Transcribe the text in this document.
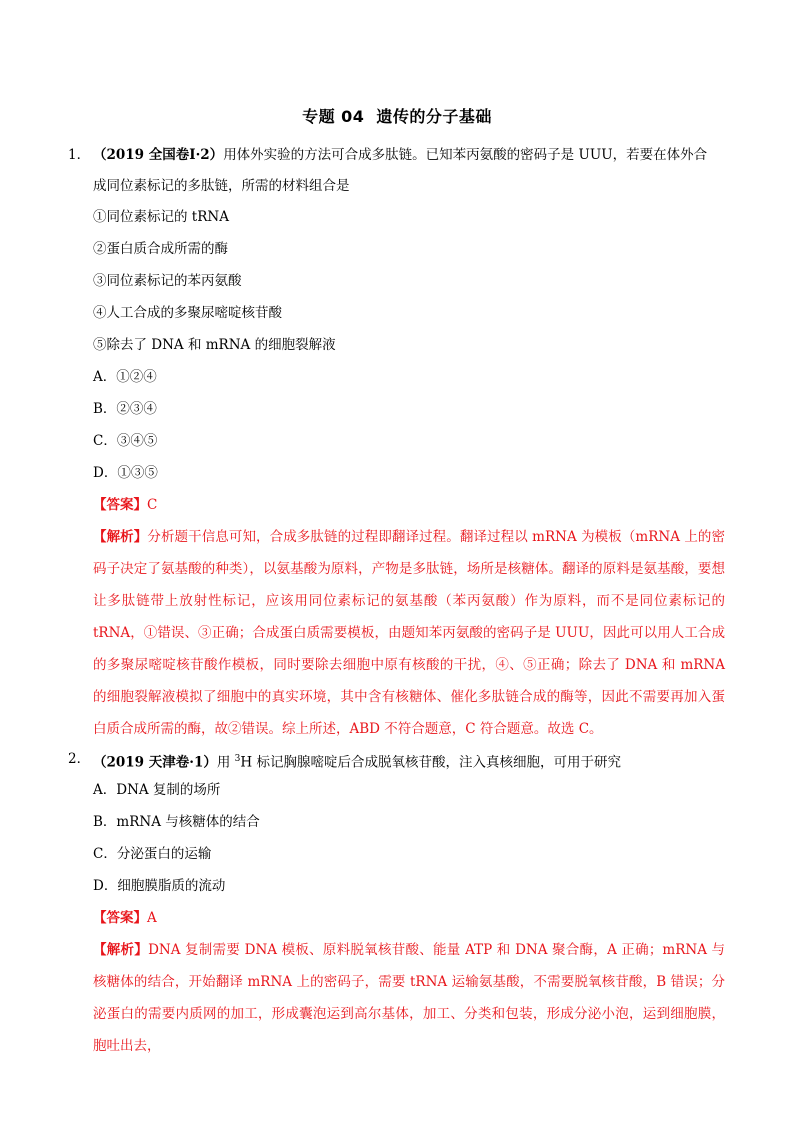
专题 04 遗传的分子基础
1． （2019 全国卷Ⅰ·2）用体外实验的方法可合成多肽链。已知苯丙氨酸的密码子是 UUU，若要在体外合
成同位素标记的多肽链，所需的材料组合是
①同位素标记的 tRNA
②蛋白质合成所需的酶
③同位素标记的苯丙氨酸
④人工合成的多聚尿嘧啶核苷酸
⑤除去了 DNA 和 mRNA 的细胞裂解液
A．①②④
B．②③④
C．③④⑤
D．①③⑤
【答案】C
【解析】分析题干信息可知，合成多肽链的过程即翻译过程。翻译过程以 mRNA 为模板（mRNA 上的密码子决定了氨基酸的种类），以氨基酸为原料，产物是多肽链，场所是核糖体。翻译的原料是氨基酸，要想让多肽链带上放射性标记，应该用同位素标记的氨基酸（苯丙氨酸）作为原料，而不是同位素标记的 tRNA，①错误、③正确；合成蛋白质需要模板，由题知苯丙氨酸的密码子是 UUU，因此可以用人工合成的多聚尿嘧啶核苷酸作模板，同时要除去细胞中原有核酸的干扰，④、⑤正确；除去了 DNA 和 mRNA 的细胞裂解液模拟了细胞中的真实环境，其中含有核糖体、催化多肽链合成的酶等，因此不需要再加入蛋白质合成所需的酶，故②错误。综上所述，ABD 不符合题意，C 符合题意。故选 C。
2． （2019 天津卷·1）用 $^3$H 标记胸腺嘧啶后合成脱氧核苷酸，注入真核细胞，可用于研究
A．DNA 复制的场所
B．mRNA 与核糖体的结合
C．分泌蛋白的运输
D．细胞膜脂质的流动
【答案】A
【解析】DNA 复制需要 DNA 模板、原料脱氧核苷酸、能量 ATP 和 DNA 聚合酶，A 正确；mRNA 与核糖体的结合，开始翻译 mRNA 上的密码子，需要 tRNA 运输氨基酸，不需要脱氧核苷酸，B 错误；分泌蛋白的需要内质网的加工，形成囊泡运到高尔基体，加工、分类和包装，形成分泌小泡，运到细胞膜，胞吐出去，
